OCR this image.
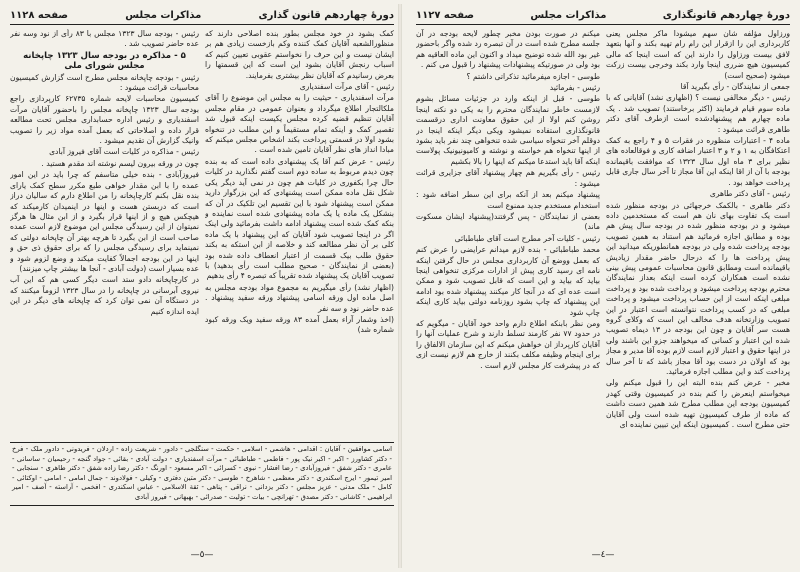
دورهٔ چهاردهم قانونگذاری
مذاکرات مجلس
صفحه ۱۱۲۷

ورزاول مؤلفه شان سهم میشودا ماکر مجلس یعنی کاربرداری این را ازقرار این رام رام تهیه بکند و آنها بتعهد لافق بیست ورزاول را دارند این که است اینجا که مالی کمیسیون هیچ ضرری اینجا وارد بکند وخرجی بیست زرکت میشود (صحیح است)

جمعی از نمایندگان - رأی بگیرید آقا

رئیس - دیگر مخالفی نیست ؟ (اظهاری نشد) آقایانی که با ماده سوم قیام فرمایند (اکثر برخاستند) تصویب شد . یک ماده چهارم هم پیشنهادشده است ازطرف آقای دکتر طاهری قرائت میشود :

ماده ۴ - اعتبارات منظوره در فقرات ۵ و ۴ راجع به کمک اعتکافگان به ۱ و ۲ و ۳ اعتبار اضافه کاری و فوقالعاده های نظیر برای ۳ ماه اول سال ۱۳۲۳ که موافقت باقیمانده بودجه با آن از اقا اینکه این آقا مجاز تا آخر سال جاری قابل پرداخت خواهد بود .

رئیس - آقای دکتر طاهری

دکتر طاهری - بالکمک خرجهائی در بودجه منظور شده است یک تفاوت بهای نان هم است که مستخدمین داده میشود و در بودجه منظور شده در بودجه سال پیش هم بوده و مطابق اجازه فرمائید هم استناد به همین تصویب بودجه پرداخت شده ولی در بودجه همانطوریکه میدانید این پیش پرداخت ها را که درحال حاضر مقدار زیادیش باقیمانده است ومطابق قانون محاسبات عمومی پیش بینی نشده است همکاران کرده است اینکه بعداز نمایندگان محترم بودجه پرداخت میشود و پرداخت شده بود و پرداخت مبلغی اینکه است از این حساب پرداخت میشود و پرداخت مبلغی که در کسب پرداخت نتوانسته است اعتبار در این تصویب وزارتخانه هدف مخالف این است که وکلای گروه هست سر آقایان و چون این بودجه در ۱۳ دیماه تصویب شده این اعتبار و کسانی که میخواهند جزو این باشند ولی در اینها حقوق و اعتبار لازم است لازم بوده آقا مدیر و مجاز بود که اولان در دست بود آقا مجاز باشد که تا آخر سال پرداخت کند و این مطلب اجازه فرمائید.

مخبر - عرض کنم بنده البته این را قبول میکنم ولی میخواستم اینعرض را کنم بنده در کمیسیون وقتی کهدر کمیسیون بودجه این مطلب مطرح شد همین دست داشت که ماده از طرف کمیسیون تهیه شده است ولی آقایان حتی مطرح است . کمیسیون اینکه این تبیین نماینده ای

میکنم در صورت بودن مخبر چطور لایحه بودجه در آن جلسه مطرح شده است در آن تبصره رد شده واگر باحضور غیر بود الله شده توضیح میداد و اکنون این ماده العاقیه هم بود ولی در صورتیکه پیشنهادات پیشنهاد را قبول می کنم .

طوسی - اجازه میفرمائید تذکراتی داشتم ؟

رئیس - بفرمائید

طوسی - قبل از اینکه وارد در جزئیات مسائل بشوم لازمست خاطر نمایندگان محترم را به یکی دو نکته اینجا روشن کنم اولا از این حقوق معاونت اداری درقسمت قانونگذاری استفاده نمیشود ویکی دیگر اینکه اینجا در دوقلم آخر تنخواه سیاسی شده تنخواهی چند نفر باید بشود از اینها تنخواه هم خواسته و نوشته و کامیونیونیک پولاست اینکه آقا باید استدعا میکنم که اینها را بالا بکشیم

رئیس - رأی بگیریم هم چهار پیشنهاد آقای جزایری قرائت میشود :

پیشنهاد میکنم بعد از آنکه برای این سطر اضافه شود : استخدام مستخدم جدید ممنوع است

بعضی از نمایندگان - پس گرفتند(پیشنهاد ایشان مسکوت ماند)

رئیس - کلیات آخر مطرح است آقای طباطبائی

محمد طباطبائی - بنده لازم میدانم عرایضی را عرض کنم که بعمل ووضع آن کاربرداری مجلس در حال گرفتن اینکه نامه ای رسید کاری پیش از ادارات مرکزی تنخواهی اینجا بیاید که بیاید و این است که قابل تصویب شود و ممکن است عده ای که در آنجا کار میکنند پیشنهاد شده بود ادامه این پیشنهاد که چاپ بشود روزنامه دولتی بیاید کاری اینکه چاپ شود

ومن نظر بابنکه اطلاع دارم واحد خود آقایان - میگویم که در حدود ۷۷ نفر کارمند تسلط دارند و شرح عملیات آنها را آقایان کارپرداز ان خواهش میکنم که این سازمان الالفاق را برای اینجام وظیفه مکلف بکنند از خارج هم لازم نیست ازی که در پیشرفت کار مجلس لازم است .

—٤—
دورهٔ چهاردهم قانون گذاری
مذاکرات مجلس
صفحه ۱۱۲۸

کمک بشود در خود مجلس بطور بنده اصلاحی دارند که منظورالشعبه آقایان کمک کننده وکم بازخست زیادی هم بر ایشان نیست و این حرف را نخواستم عقوبی تعیین کنیم که اسباب رنجش آقایان بشود این است که این قسمتها را بعرض رسانیدم که آقایان نظر بیشتری بفرمایند.

رئیس - آقای مرآت اسفندیاری

مرآت اسفندیاری - حیثیت را به مجلس این موضوع را آقای ملکالتجار اطلاع میگرداد و بعنوان عمومی در مقام مجلس آقایان تنظیم قضیه کرده مجلس یکیست اینکه قبول شد تقصیر کمک و اینکه تمام مستقیماً و این مطلب در تنخواه بشود اولا در قسمتی پرداخت بکند اشخاص مجلس میکنم که مبادا انداز های نظر آقایان تامین شده است .

رئیس - عرض کنم آقا یک پیشنهادی داده است که به بنده چون دیدم مربوط به ساده دوم است گفتم نگذارید در کلیات حال چرا بکفوری در کلیات هم چون در نمی آید دیگر یکی شکل نقل ماده ممکن است پیشنهادی که این بزرگوار دارید ممکن است پیشنهاد شود با این تقسیم این تلکیک در آن که بنشکل یک ماده یا یک ماده پیشنهادی شده است نماینده و بنکه کمک شده است پیشنهاد ادامه داشت بفرمائید ولی اینک اگر در اینجا تصویب شود آقایان که این پیشنهاد با یک ماده کلی بر آن نظر مطالعه کند و خلاصه از ابن استکه به بکند حقوق طلب بیک قسمت از اعتبار انعطاف داده شده بود (بعضی از نمایندگان - صحیح مطلب است رأی بدهید) با تصویب آقایان یک پیشنهاد شده تقریباً که تبصره ۴ رأی بدهیم

(اظهار نشد) رأی میگیریم به مجموع مواد بودجه مجلس به اصل ماده اول ورقه اسامی پیشنهاد ورقه سفید پیشنهاد . عده حاضر نود و سه نفر

(اخذ وشمار آراء بعمل آمده ۸۳ ورقه سفید ویک ورقه کبود شماره شد)

رئیس - بودجه سال ۱۳۲۳ مجلس با ۸۳ رأی از نود وسه نفر عده حاضر تصویب شد .

۵ - مذاکره در بودجه سال ۱۳۲۳ چاپخانه مجلس شورای ملی

رئیس - بودجه چاپخانه مجلس مطرح است گزارش کمیسیون محاسبات قرائت میشود :

کمیسیون محاسبات لایحه شماره ۶۲۷۳۵ کارپردازی راجع بودجه سال ۱۳۲۳ چاپخانه مجلس را باحضور آقایان مرآت اسفندیاری و رئیس اداره حسابداری مجلس تحت مطالعه قرار داده و اصلاحاتی که بعمل آمده مواد زیر را تصویب وانیک گزارش آن تقدیم میشود .

رئیس - مذاکره در کلیات است آقای فیروز آبادی

چون در ورقه بیرون لیسم نوشته اند مقدم هستید .

فیروزآبادی - بنده خیلی متاسفم که چرا باید در این امور عمده را با ابن مقدار خواهی طبع مکرر سطح کمک یارای بنده نقل بکنم کارچاپخانه را من اطلاع دارم که سالیان دراز است که دربستن هست و اینها در اینمیدان کارمیکند که هیچکس هیچ و از اینها قرار بگیرد و از ابن مثال ها هرگز نمیتوان از این رسیدگی مجلس این موضوع لازم است عمده صاحب است از ابن بگیرد تا هرچه بهتر آن چاپخانه دولتی که نمینماید برای رسیدگی مجلس را که برای حقوق ذی حق و اینها در این بودجه اجمالاً کفایت میکند و وضع لزوم شود و عده بسیار است (دولت آبادی - آنجا ها بیشتر چاپ میزنند)

در کارچاپخانه دادو ستد است دیگر کسی هم که این آب نیروی آبرسانی در چاپخانه را در سال ۱۳۲۳ لزوماً میکنند که در دستگاه آن نمی توان کرد که چاپخانه های دیگر در این ایده اندازه کنیم

اسامی موافقین - آقایان : اقدامی - هاشمی - اسلامی - حکمت - سنگلجی - دادور - شریعت زاده - اردلان - فریدونی - دادور ملک - فرخ - دکتر کشاورز - اکبر - اکبر نیک پور - فاطمی - طباطبائی - مرآت اسفندیاری - دولت آبادی - بقائی - جواد گنجه - رحیمیان - ساسانی - عامری - دکتر شفق - فیروزآبادی - رضا افشار - نبوی - کسرائی - اکبر مسعود - اورنگ - دکتر رضا زاده شفق - دکتر طاهری - سنجابی - امیر تیمور - ایرج اسکندری - دکتر معظمی - شاهرخ - طوسی - دکتر متین دفتری - وکیلی - فولادوند - جمال امامی - امامی - اوکتائی - کامل - ملک مدنی - عزیز مجلس - دکتر یزدانی - نراقی - پناهی - ثقة الاسلامی - عباس اسکندری - افخمی - آراسته - آصف - امیر ابراهیمی - کاشانی - دکتر مصدق - تهرانچی - بیات - تولیت - صدرائی - بهبهانی - فیروز آبادی
—٥—
